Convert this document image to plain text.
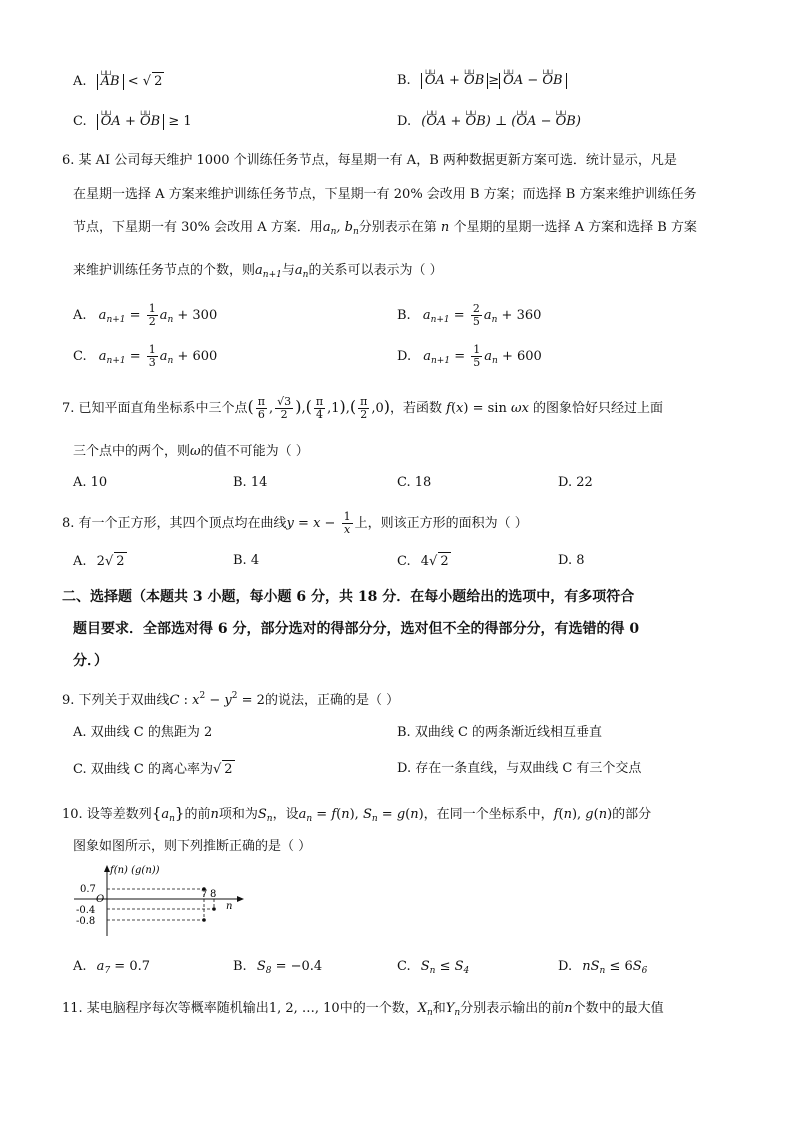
A. ⊔⊔ AB < √ 2	B. ⊔⊔ OA + ⊔⊔ OB ≥ ⊔⊔ OA − ⊔⊔ OB
C. ⊔⊔ OA + ⊔⊔ OB ≥ 1	D. (⊔⊔ OA + ⊔⊔ OB) ⊥ (⊔⊔ OA − ⊔⊔ OB)
6. 某 AI 公司每天维护 1000 个训练任务节点，每星期一有 A，B 两种数据更新方案可选．统计显示，凡是
在星期一选择 A 方案来维护训练任务节点，下星期一有 20% 会改用 B 方案；而选择 B 方案来维护训练任务
节点，下星期一有 30% 会改用 A 方案．用$a_n$, $b_n$分别表示在第 n 个星期的星期一选择 A 方案和选择 B 方案
来维护训练任务节点的个数，则$a_{n+1}$与$a_n$的关系可以表示为（ ）
A. $a_{n+1} = \frac{1}{2} a_n + 300$	B. $a_{n+1} = \frac{2}{5} a_n + 360$
C. $a_{n+1} = \frac{1}{3} a_n + 600$	D. $a_{n+1} = \frac{1}{5} a_n + 600$
7. 已知平面直角坐标系中三个点( $\frac{\pi}{6}$ , $\frac{√3}{2}$ ),( $\frac{\pi}{4} ,1),( \frac{\pi}{2} ,0)$，若函数 f(x) = sin ωx 的图象恰好只经过上面
三个点中的两个，则ω的值不可能为（ ）
A. 10	B. 14	C. 18	D. 22
8. 有一个正方形，其四个顶点均在曲线$y = x - \frac{1}{x}$ 上，则该正方形的面积为（ ）
A. 2√ 2	B. 4	C. 4√ 2	D. 8
二、选择题（本题共 3 小题，每小题 6 分，共 18 分．在每小题给出的选项中，有多项符合
题目要求．全部选对得 6 分，部分选对的得部分分，选对但不全的得部分分，有选错的得 0
分．）
9. 下列关于双曲线C : $x^2 - y^2 = 2$的说法，正确的是（ ）
A. 双曲线 C 的焦距为 2	B. 双曲线 C 的两条渐近线相互垂直
C. 双曲线 C 的离心率为√ 2	D. 存在一条直线，与双曲线 C 有三个交点
10. 设等差数列$\{a_n\}$的前n项和为$S_n$，设$a_n = f(n)$, $S_n = g(n)$，在同一个坐标系中，f(n), g(n)的部分
图象如图所示，则下列推断正确的是（ ）
f(n) (g(n))
0.7
-0.4
-0.8
O	7 8
n
A. $a_7 = 0.7$	B. $S_8 = -0.4$	C. $S_n \le S_4$	D. $nS_n \le 6S_6$
11. 某电脑程序每次等概率随机输出1, 2, …, 10中的一个数，$X_n$和$Y_n$分别表示输出的前n个数中的最大值
